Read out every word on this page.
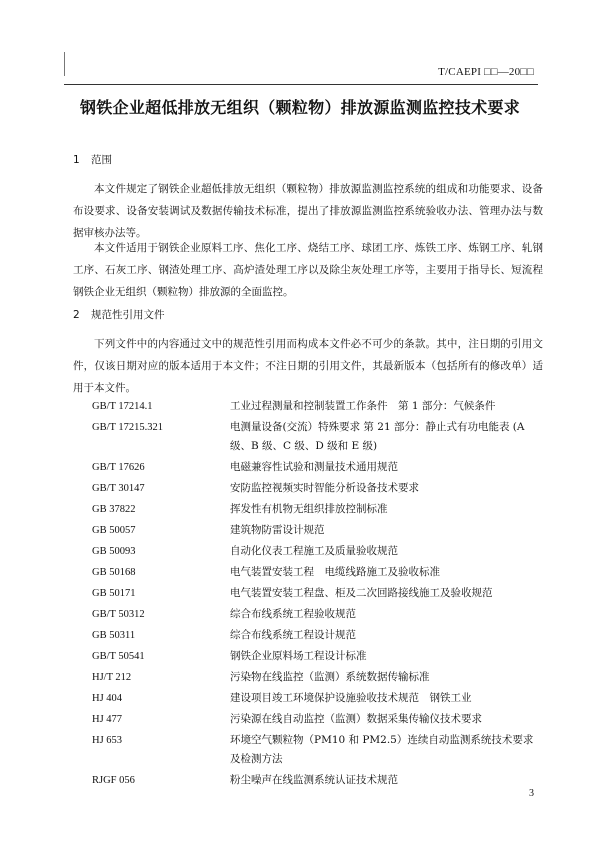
T/CAEPI □□—20□□
钢铁企业超低排放无组织（颗粒物）排放源监测监控技术要求
1 范围
本文件规定了钢铁企业超低排放无组织（颗粒物）排放源监测监控系统的组成和功能要求、设备布设要求、设备安装调试及数据传输技术标准，提出了排放源监测监控系统验收办法、管理办法与数据审核办法等。
本文件适用于钢铁企业原料工序、焦化工序、烧结工序、球团工序、炼铁工序、炼钢工序、轧钢工序、石灰工序、钢渣处理工序、高炉渣处理工序以及除尘灰处理工序等，主要用于指导长、短流程钢铁企业无组织（颗粒物）排放源的全面监控。
2 规范性引用文件
下列文件中的内容通过文中的规范性引用而构成本文件必不可少的条款。其中，注日期的引用文件，仅该日期对应的版本适用于本文件；不注日期的引用文件，其最新版本（包括所有的修改单）适用于本文件。
GB/T 17214.1	工业过程测量和控制装置工作条件　第 1 部分：气候条件
GB/T 17215.321	电测量设备(交流）特殊要求 第 21 部分：静止式有功电能表 (A 级、B 级、C 级、D 级和 E 级)
GB/T 17626	电磁兼容性试验和测量技术通用规范
GB/T 30147	安防监控视频实时智能分析设备技术要求
GB 37822	挥发性有机物无组织排放控制标准
GB 50057	建筑物防雷设计规范
GB 50093	自动化仪表工程施工及质量验收规范
GB 50168	电气装置安装工程　电缆线路施工及验收标准
GB 50171	电气装置安装工程盘、柜及二次回路接线施工及验收规范
GB/T 50312	综合布线系统工程验收规范
GB 50311	综合布线系统工程设计规范
GB/T 50541	钢铁企业原料场工程设计标准
HJ/T 212	污染物在线监控（监测）系统数据传输标准
HJ 404	建设项目竣工环境保护设施验收技术规范　钢铁工业
HJ 477	污染源在线自动监控（监测）数据采集传输仪技术要求
HJ 653	环境空气颗粒物（PM10 和 PM2.5）连续自动监测系统技术要求及检测方法
RJGF 056	粉尘噪声在线监测系统认证技术规范
3
